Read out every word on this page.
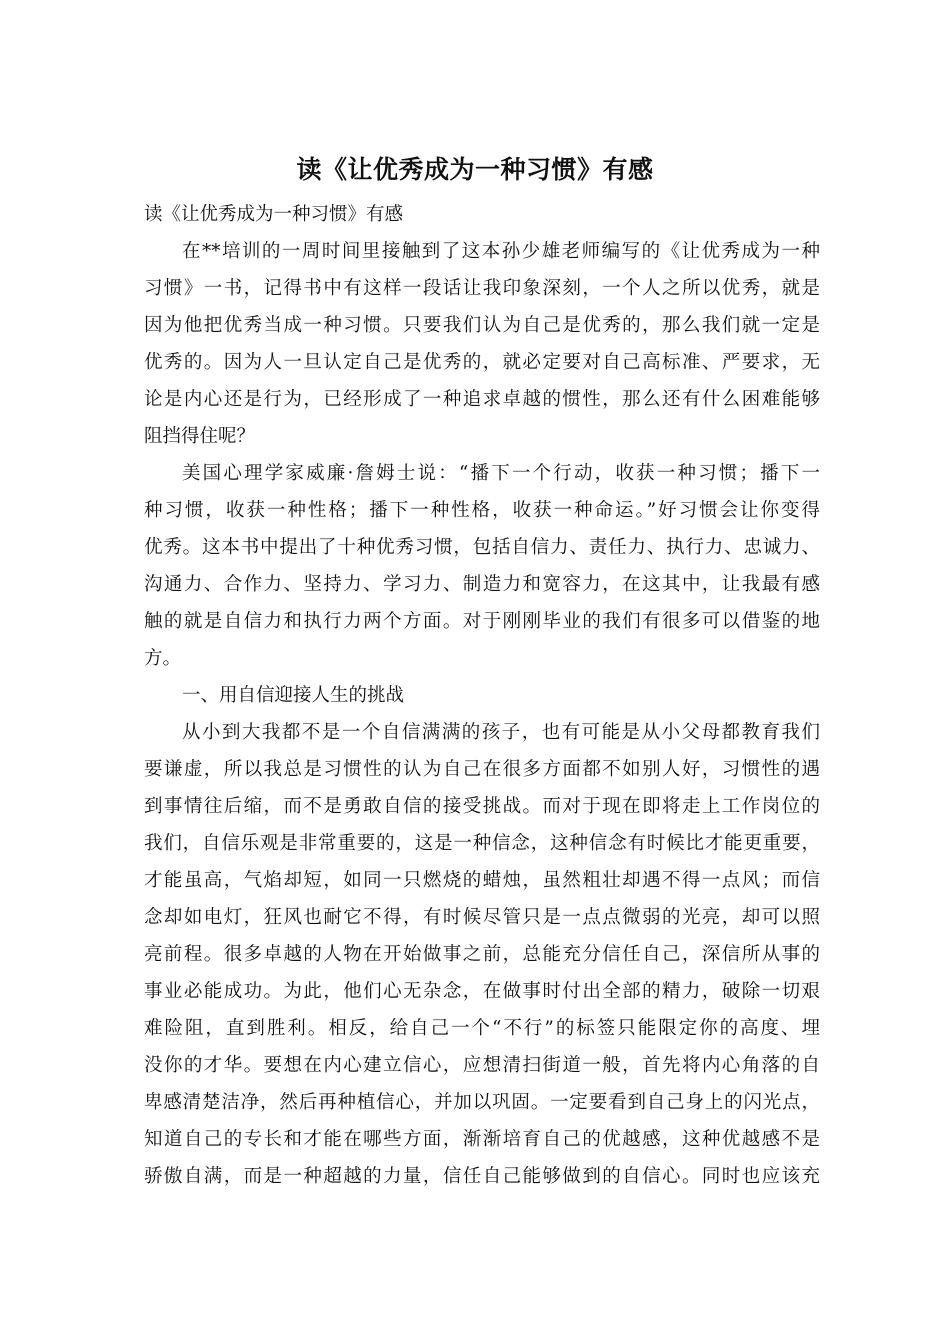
读《让优秀成为一种习惯》有感
读《让优秀成为一种习惯》有感
在**培训的一周时间里接触到了这本孙少雄老师编写的《让优秀成为一种
习惯》一书，记得书中有这样一段话让我印象深刻，一个人之所以优秀，就是
因为他把优秀当成一种习惯。只要我们认为自己是优秀的，那么我们就一定是
优秀的。因为人一旦认定自己是优秀的，就必定要对自己高标准、严要求，无
论是内心还是行为，已经形成了一种追求卓越的惯性，那么还有什么困难能够
阻挡得住呢？
美国心理学家威廉·詹姆士说：“播下一个行动，收获一种习惯；播下一
种习惯，收获一种性格；播下一种性格，收获一种命运。”好习惯会让你变得
优秀。这本书中提出了十种优秀习惯，包括自信力、责任力、执行力、忠诚力、
沟通力、合作力、坚持力、学习力、制造力和宽容力，在这其中，让我最有感
触的就是自信力和执行力两个方面。对于刚刚毕业的我们有很多可以借鉴的地
方。
一、用自信迎接人生的挑战
从小到大我都不是一个自信满满的孩子，也有可能是从小父母都教育我们
要谦虚，所以我总是习惯性的认为自己在很多方面都不如别人好，习惯性的遇
到事情往后缩，而不是勇敢自信的接受挑战。而对于现在即将走上工作岗位的
我们，自信乐观是非常重要的，这是一种信念，这种信念有时候比才能更重要，
才能虽高，气焰却短，如同一只燃烧的蜡烛，虽然粗壮却遇不得一点风；而信
念却如电灯，狂风也耐它不得，有时候尽管只是一点点微弱的光亮，却可以照
亮前程。很多卓越的人物在开始做事之前，总能充分信任自己，深信所从事的
事业必能成功。为此，他们心无杂念，在做事时付出全部的精力，破除一切艰
难险阻，直到胜利。相反，给自己一个“不行”的标签只能限定你的高度、埋
没你的才华。要想在内心建立信心，应想清扫街道一般，首先将内心角落的自
卑感清楚洁净，然后再种植信心，并加以巩固。一定要看到自己身上的闪光点，
知道自己的专长和才能在哪些方面，渐渐培育自己的优越感，这种优越感不是
骄傲自满，而是一种超越的力量，信任自己能够做到的自信心。同时也应该充
